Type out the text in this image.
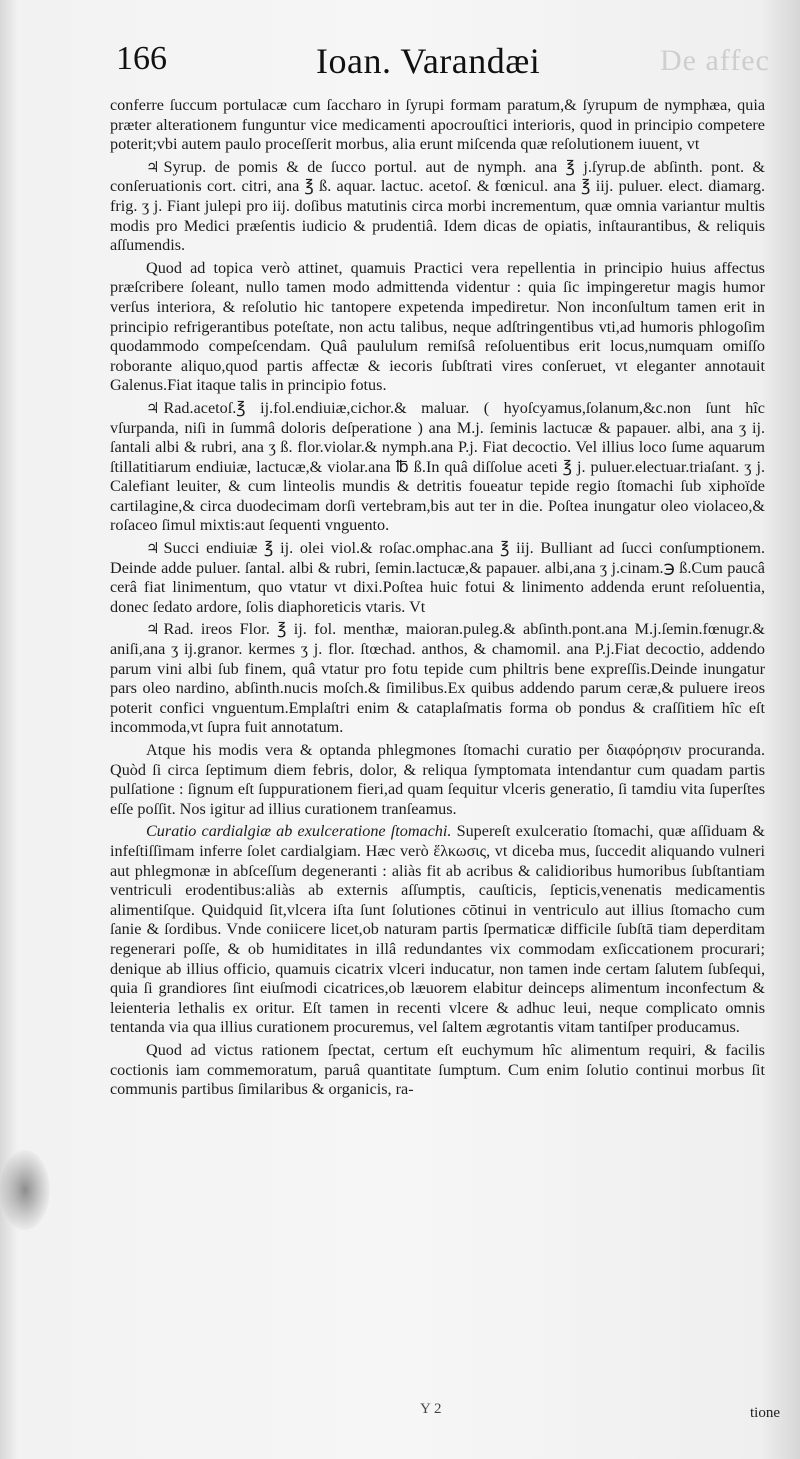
De affec
166	Ioan. Varandæi

conferre ſuccum portulacæ cum ſaccharo in ſyrupi formam paratum,& ſyrupum de nymphæa, quia præter alterationem funguntur vice medicamenti apocrouſtici interioris, quod in principio competere poterit;vbi autem paulo proceſſerit morbus, alia erunt miſcenda quæ reſolutionem iuuent, vt

♃ Syrup. de pomis & de ſucco portul. aut de nymph. ana ℥ j.ſyrup.de abſinth. pont. & conſeruationis cort. citri, ana ℥ ß. aquar. lactuc. acetoſ. & fœnicul. ana ℥ iij. puluer. elect. diamarg. frig. ʒ j. Fiant julepi pro iij. doſibus matutinis circa morbi incrementum, quæ omnia variantur multis modis pro Medici præſentis iudicio & prudentiâ. Idem dicas de opiatis, inſtaurantibus, & reliquis aſſumendis.

Quod ad topica verò attinet, quamuis Practici vera repellentia in principio huius affectus præſcribere ſoleant, nullo tamen modo admittenda videntur : quia ſic impingeretur magis humor verſus interiora, & reſolutio hic tantopere expetenda impediretur. Non inconſultum tamen erit in principio refrigerantibus poteſtate, non actu talibus, neque adſtringentibus vti,ad humoris phlogoſim quodammodo compeſcendam. Quâ paululum remiſsâ reſoluentibus erit locus,numquam omiſſo roborante aliquo,quod partis affectæ & iecoris ſubſtrati vires conſeruet, vt eleganter annotauit Galenus.Fiat itaque talis in principio fotus.

♃ Rad.acetoſ.℥ ij.fol.endiuiæ,cichor.& maluar. ( hyoſcyamus,ſolanum,&c.non ſunt hîc vſurpanda, niſi in ſummâ doloris deſperatione ) ana M.j. ſeminis lactucæ & papauer. albi, ana ʒ ij. ſantali albi & rubri, ana ʒ ß. flor.violar.& nymph.ana P.j. Fiat decoctio. Vel illius loco ſume aquarum ſtillatitiarum endiuiæ, lactucæ,& violar.ana ℔ ß.In quâ diſſolue aceti ℥ j. puluer.electuar.triaſant. ʒ j. Calefiant leuiter, & cum linteolis mundis & detritis foueatur tepide regio ſtomachi ſub xiphoïde cartilagine,& circa duodecimam dorſi vertebram,bis aut ter in die. Poſtea inungatur oleo violaceo,& roſaceo ſimul mixtis:aut ſequenti vnguento.

♃ Succi endiuiæ ℥ ij. olei viol.& roſac.omphac.ana ℥ iij. Bulliant ad ſucci conſumptionem. Deinde adde puluer. ſantal. albi & rubri, ſemin.lactucæ,& papauer. albi,ana ʒ j.cinam.℈ ß.Cum paucâ cerâ fiat linimentum, quo vtatur vt dixi.Poſtea huic fotui & linimento addenda erunt reſoluentia, donec ſedato ardore, ſolis diaphoreticis vtaris. Vt

♃ Rad. ireos Flor. ℥ ij. fol. menthæ, maioran.puleg.& abſinth.pont.ana M.j.ſemin.fœnugr.& aniſi,ana ʒ ij.granor. kermes ʒ j. flor. ſtœchad. anthos, & chamomil. ana P.j.Fiat decoctio, addendo parum vini albi ſub finem, quâ vtatur pro fotu tepide cum philtris bene expreſſis.Deinde inungatur pars oleo nardino, abſinth.nucis moſch.& ſimilibus.Ex quibus addendo parum ceræ,& puluere ireos poterit confici vnguentum.Emplaſtri enim & cataplaſmatis forma ob pondus & craſſitiem hîc eſt incommoda,vt ſupra fuit annotatum.

Atque his modis vera & optanda phlegmones ſtomachi curatio per διαφόρησιν procuranda. Quòd ſi circa ſeptimum diem febris, dolor, & reliqua ſymptomata intendantur cum quadam partis pulſatione : ſignum eſt ſuppurationem fieri,ad quam ſequitur vlceris generatio, ſi tamdiu vita ſuperſtes eſſe poſſit. Nos igitur ad illius curationem tranſeamus.

Curatio cardialgiæ ab exulceratione ſtomachi. Supereſt exulceratio ſtomachi, quæ aſſiduam & infeſtiſſimam inferre ſolet cardialgiam. Hæc verò ἕλκωσις, vt diceba mus, ſuccedit aliquando vulneri aut phlegmonæ in abſceſſum degeneranti : aliàs fit ab acribus & calidioribus humoribus ſubſtantiam ventriculi erodentibus:aliàs ab externis aſſumptis, cauſticis, ſepticis,venenatis medicamentis alimentiſque. Quidquid ſit,vlcera iſta ſunt ſolutiones cōtinui in ventriculo aut illius ſtomacho cum ſanie & ſordibus. Vnde coniicere licet,ob naturam partis ſpermaticæ difficile ſubſtā tiam deperditam regenerari poſſe, & ob humiditates in illâ redundantes vix commodam exſiccationem procurari; denique ab illius officio, quamuis cicatrix vlceri inducatur, non tamen inde certam ſalutem ſubſequi, quia ſi grandiores ſint eiuſmodi cicatrices,ob læuorem elabitur deinceps alimentum inconfectum & leienteria lethalis ex oritur. Eſt tamen in recenti vlcere & adhuc leui, neque complicato omnis tentanda via qua illius curationem procuremus, vel ſaltem ægrotantis vitam tantiſper producamus.

Quod ad victus rationem ſpectat, certum eſt euchymum hîc alimentum requiri, & facilis coctionis iam commemoratum, paruâ quantitate ſumptum. Cum enim ſolutio continui morbus ſit communis partibus ſimilaribus & organicis, ra-

Y 2	tione
